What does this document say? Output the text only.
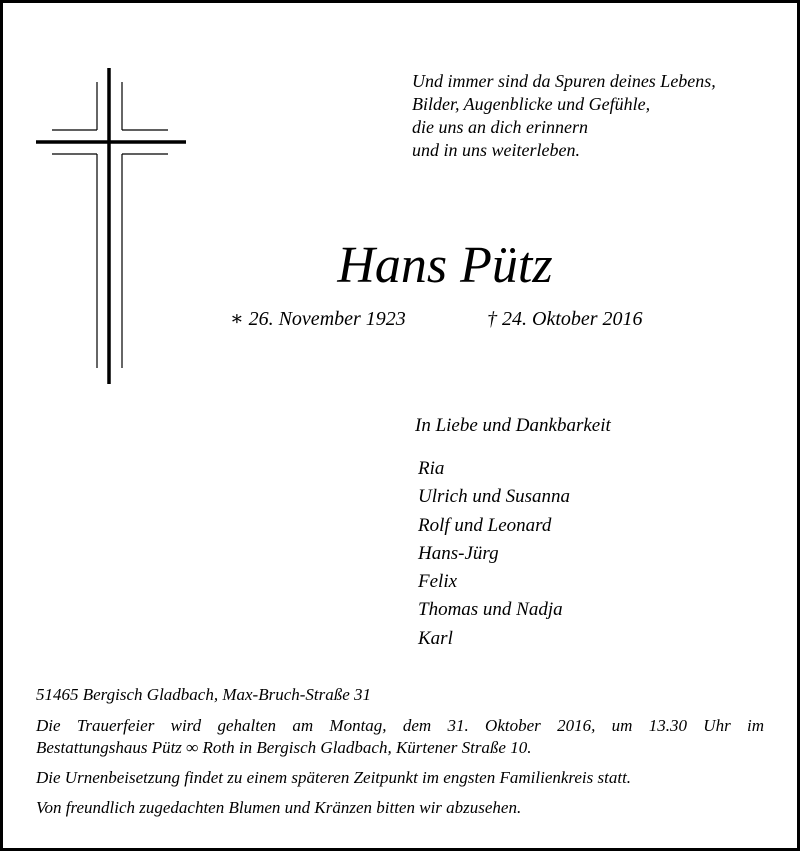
Und immer sind da Spuren deines Lebens,
Bilder, Augenblicke und Gefühle,
die uns an dich erinnern
und in uns weiterleben.
Hans Pütz
∗ 26. November 1923	† 24. Oktober 2016
In Liebe und Dankbarkeit
Ria
Ulrich und Susanna
Rolf und Leonard
Hans-Jürg
Felix
Thomas und Nadja
Karl
51465 Bergisch Gladbach, Max-Bruch-Straße 31
Die Trauerfeier wird gehalten am Montag, dem 31. Oktober 2016, um 13.30 Uhr im
Bestattungshaus Pütz ∞ Roth in Bergisch Gladbach, Kürtener Straße 10.
Die Urnenbeisetzung findet zu einem späteren Zeitpunkt im engsten Familienkreis statt.
Von freundlich zugedachten Blumen und Kränzen bitten wir abzusehen.
